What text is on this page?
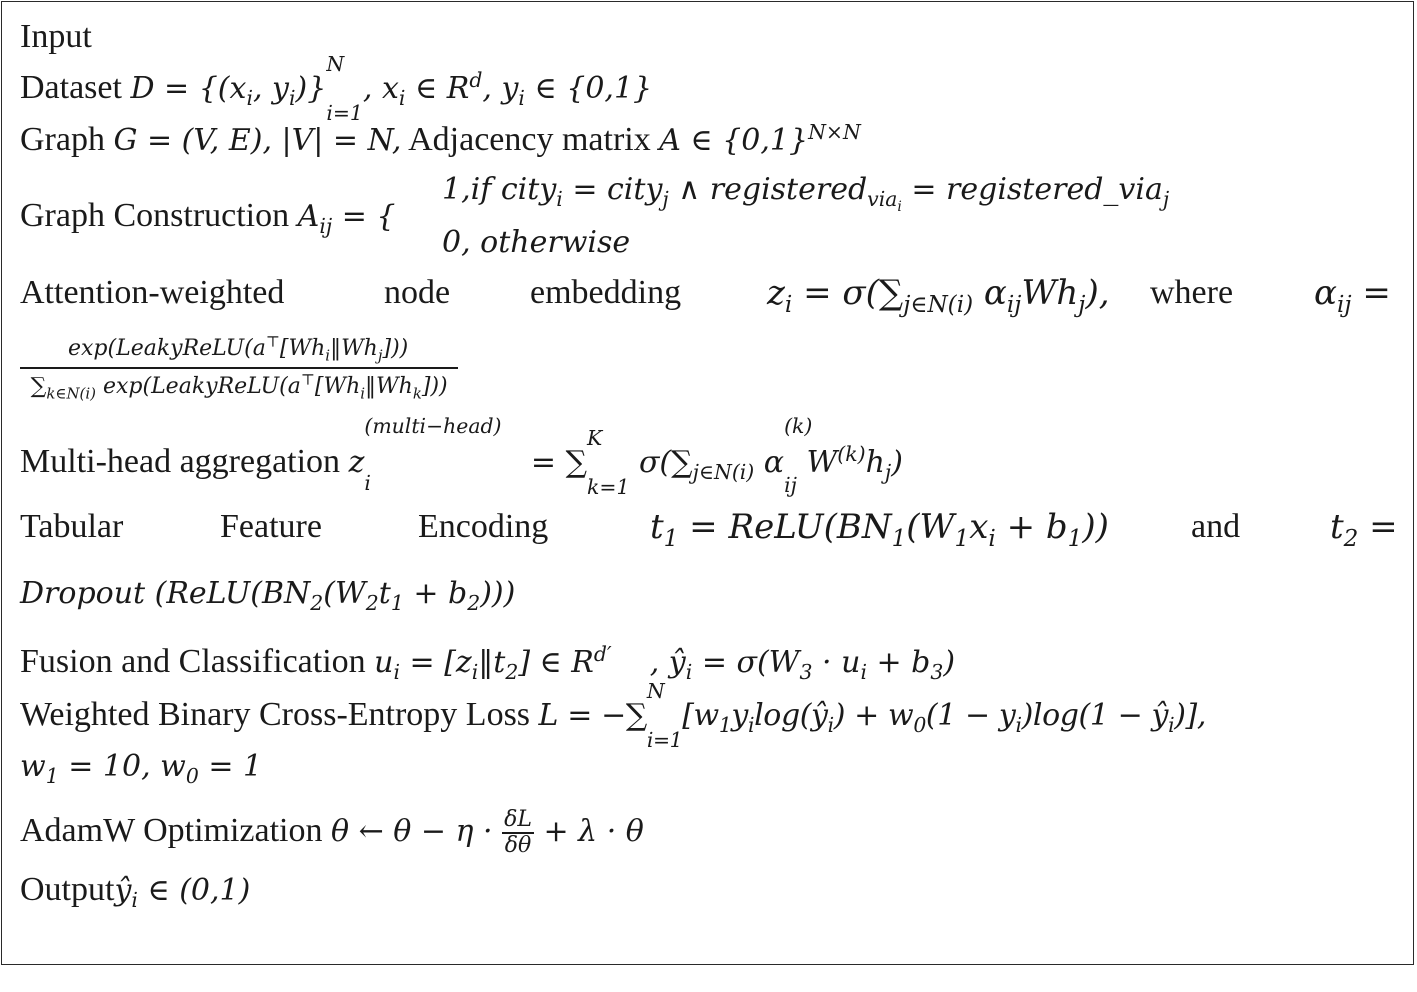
Input
Dataset $D = \{(x_i$, $y_i$)}
N
$_{i=1}$, $x_i$ ∈ $R^d$, $y_i$ ∈ {0,1}
Graph G = (V, E), |V| = N, Adjacency matrix A ∈ $\{0,1\}^{N\times N}$
Graph Construction $A_{ij}$ = {
1,if city$_i$ = city$_j$ ∧ registered$_{via_i}$ = registered_via$_j$
0, otherwise
Attention-weighted	node embedding	$z_i = \sigma(\sum_{j\in N(i)}$ $\alpha_{ij}Wh_j$), where $\alpha_{ij}$ =
$\frac{\exp(LeakyReLU(a^⊤[Wh_i‖Wh_j]))}{\sum_{k\in N(i)} \exp(LeakyReLU(a^⊤[Wh_i‖Wh_k]))}$
Multi-head aggregation z
(multi−head)
$_i$= ∑
K
$_{k=1}$ $\sigma(\sum_{j\in N(i)}$ α
(k)
$_{ij}$ $W^{(k)}h_j$)
Tabular	Feature	Encoding	$t_1$ = $ReLU(BN_1(W_1x_i + b_1))$ and	$t_2$ =
Dropout $(ReLU(BN_2(W_2t_1 + b_2)))$
Fusion and Classification $u_i$ = $[z_i‖t_2]$ ∈ $R^{d'}$    , $ŷ_i = \sigma(W_3 \cdot u_i + b_3)$
Weighted Binary Cross-Entropy Loss L = −∑
N
$_{i=1}[w_1y_i\log(ŷ_i) + w_0(1 - y_i)\log(1$ − $ŷ_i$)],
$w_1 = 10$, $w_0 = 1$
AdamW Optimization θ ← $\theta - \eta \cdot \frac{\delta L}{\delta\theta} + \lambda \cdot \theta$
Outputŷ$_i$ ∈ (0,1)
